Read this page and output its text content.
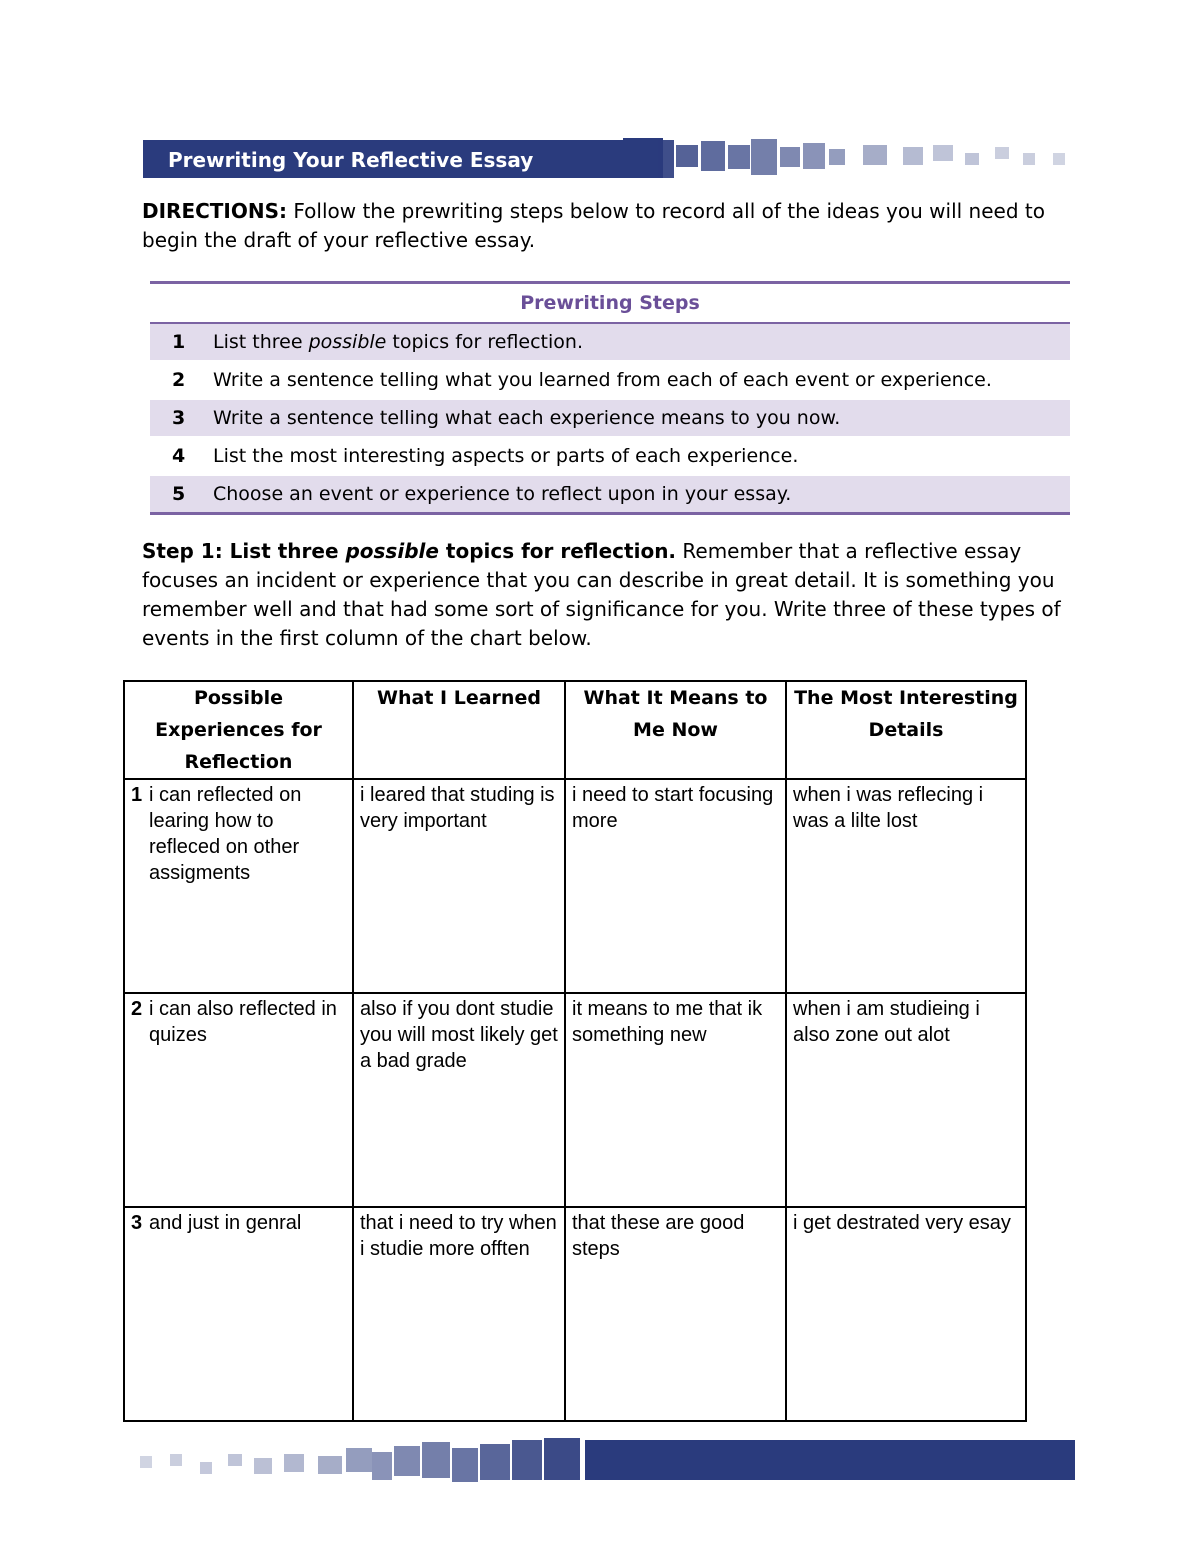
Prewriting Your Reflective Essay
DIRECTIONS: Follow the prewriting steps below to record all of the ideas you will need to begin the draft of your reflective essay.
Prewriting Steps	
1	List three possible topics for reflection.
2	Write a sentence telling what you learned from each of each event or experience.
3	Write a sentence telling what each experience means to you now.
4	List the most interesting aspects or parts of each experience.
5	Choose an event or experience to reflect upon in your essay.
Step 1: List three possible topics for reflection. Remember that a reflective essay focuses an incident or experience that you can describe in great detail. It is something you remember well and that had some sort of significance for you. Write three of these types of events in the first column of the chart below.
Possible Experiences for Reflection	What I Learned	What It Means to Me Now	The Most Interesting Details
1 i can reflected on learing how to refleced on other assigments	i leared that studing is very important	i need to start focusing more	when i was reflecing i was a lilte lost
2 i can also reflected in quizes	also if you dont studie you will most likely get a bad grade	it means to me that ik something new	when i am studieing i also zone out alot
3 and just in genral	that i need to try when i studie more offten	that these are good steps	i get destrated very esay
